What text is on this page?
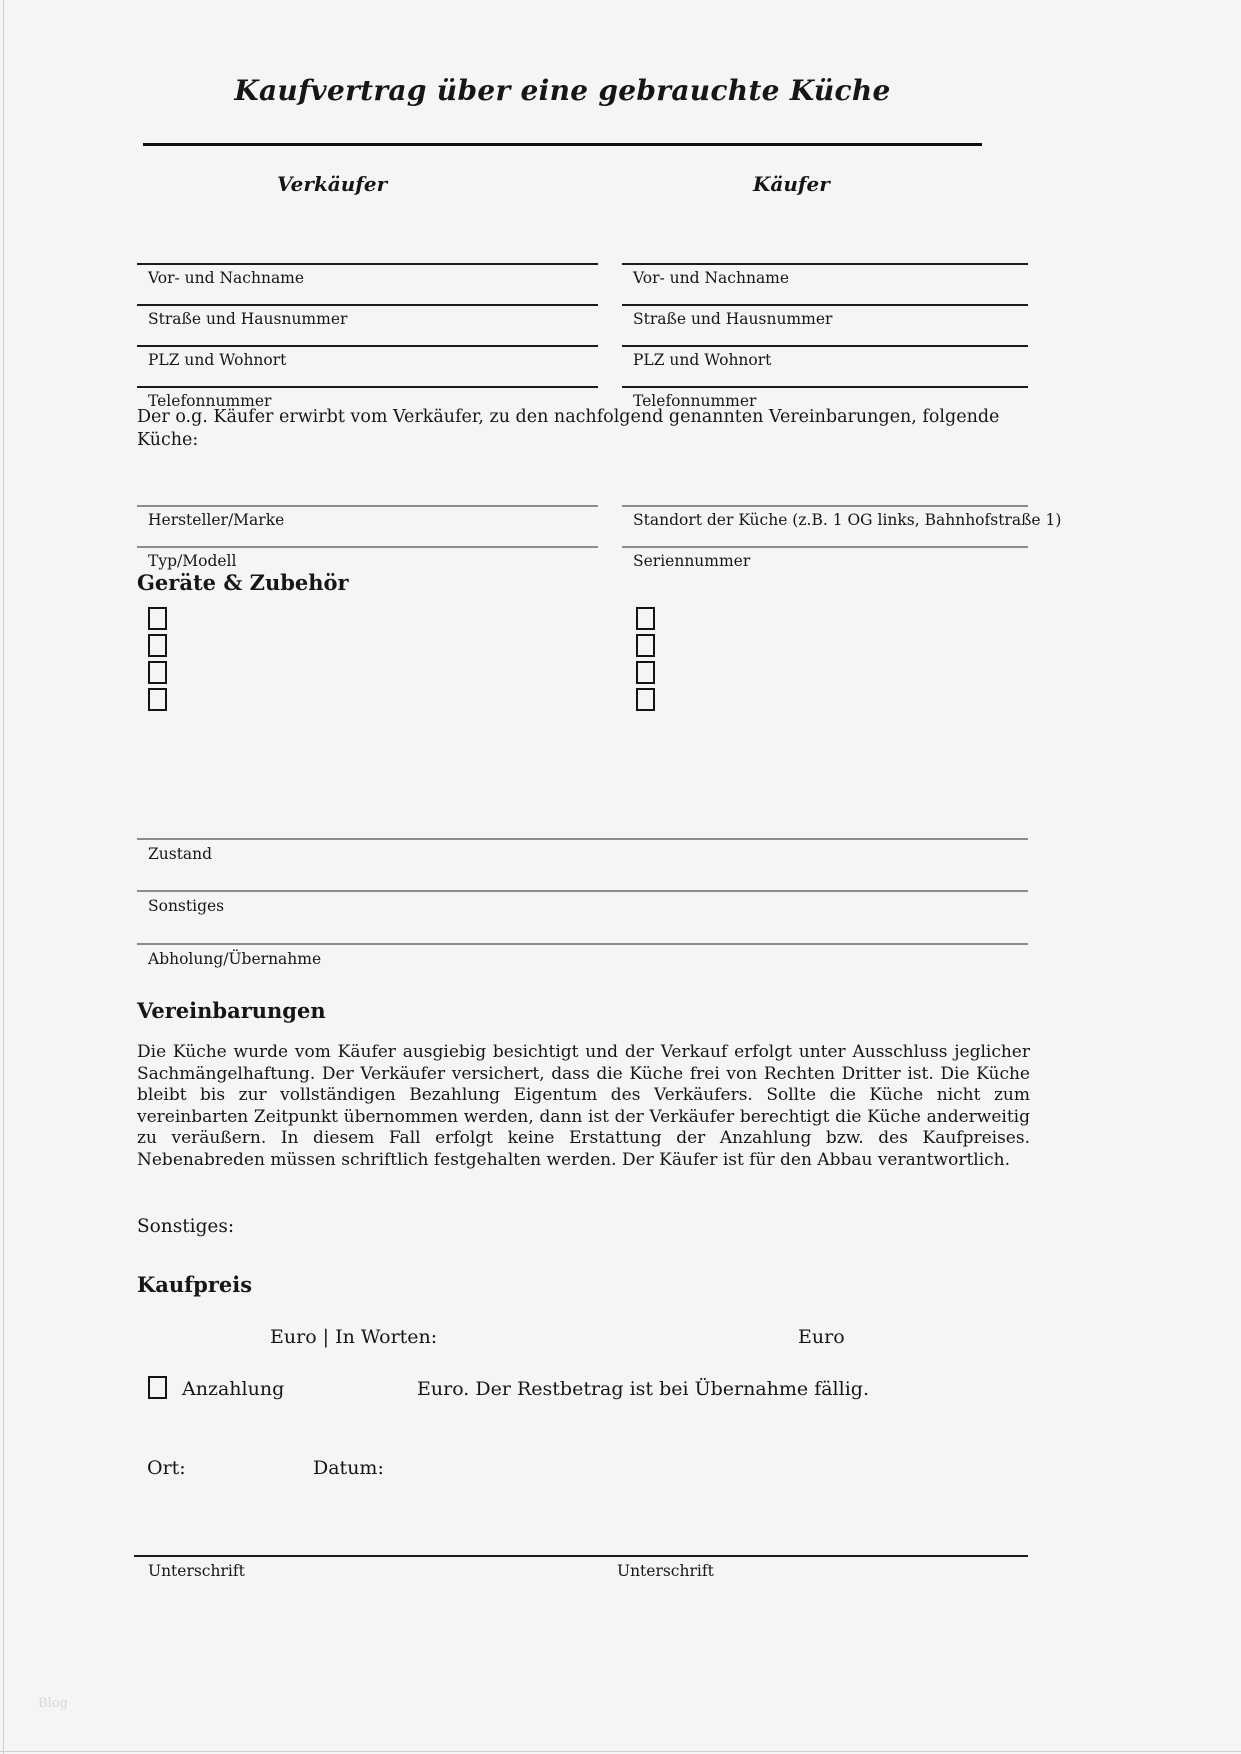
Kaufvertrag über eine gebrauchte Küche
Verkäufer	Käufer
Vor- und Nachname	Vor- und Nachname
Straße und Hausnummer	Straße und Hausnummer
PLZ und Wohnort	PLZ und Wohnort
Telefonnummer	Telefonnummer
Hersteller/Marke	Standort der Küche (z.B. 1 OG links, Bahnhofstraße 1)
Typ/Modell	Seriennummer
Zustand
Sonstiges
Abholung/Übernahme

Der o.g. Käufer erwirbt vom Verkäufer, zu den nachfolgend genannten Vereinbarungen, folgende
Küche:

Geräte & Zubehör
Vereinbarungen

Die Küche wurde vom Käufer ausgiebig besichtigt und der Verkauf erfolgt unter Ausschluss jeglicher Sachmängelhaftung. Der Verkäufer versichert, dass die Küche frei von Rechten Dritter ist. Die Küche bleibt bis zur vollständigen Bezahlung Eigentum des Verkäufers. Sollte die Küche nicht zum vereinbarten Zeitpunkt übernommen werden, dann ist der Verkäufer berechtigt die Küche anderweitig zu veräußern. In diesem Fall erfolgt keine Erstattung der Anzahlung bzw. des Kaufpreises. Nebenabreden müssen schriftlich festgehalten werden. Der Käufer ist für den Abbau verantwortlich.

Sonstiges:
Kaufpreis
Euro | In Worten:	Euro
Anzahlung	Euro. Der Restbetrag ist bei Übernahme fällig.
Ort:	Datum:
Unterschrift	Unterschrift
Blog
